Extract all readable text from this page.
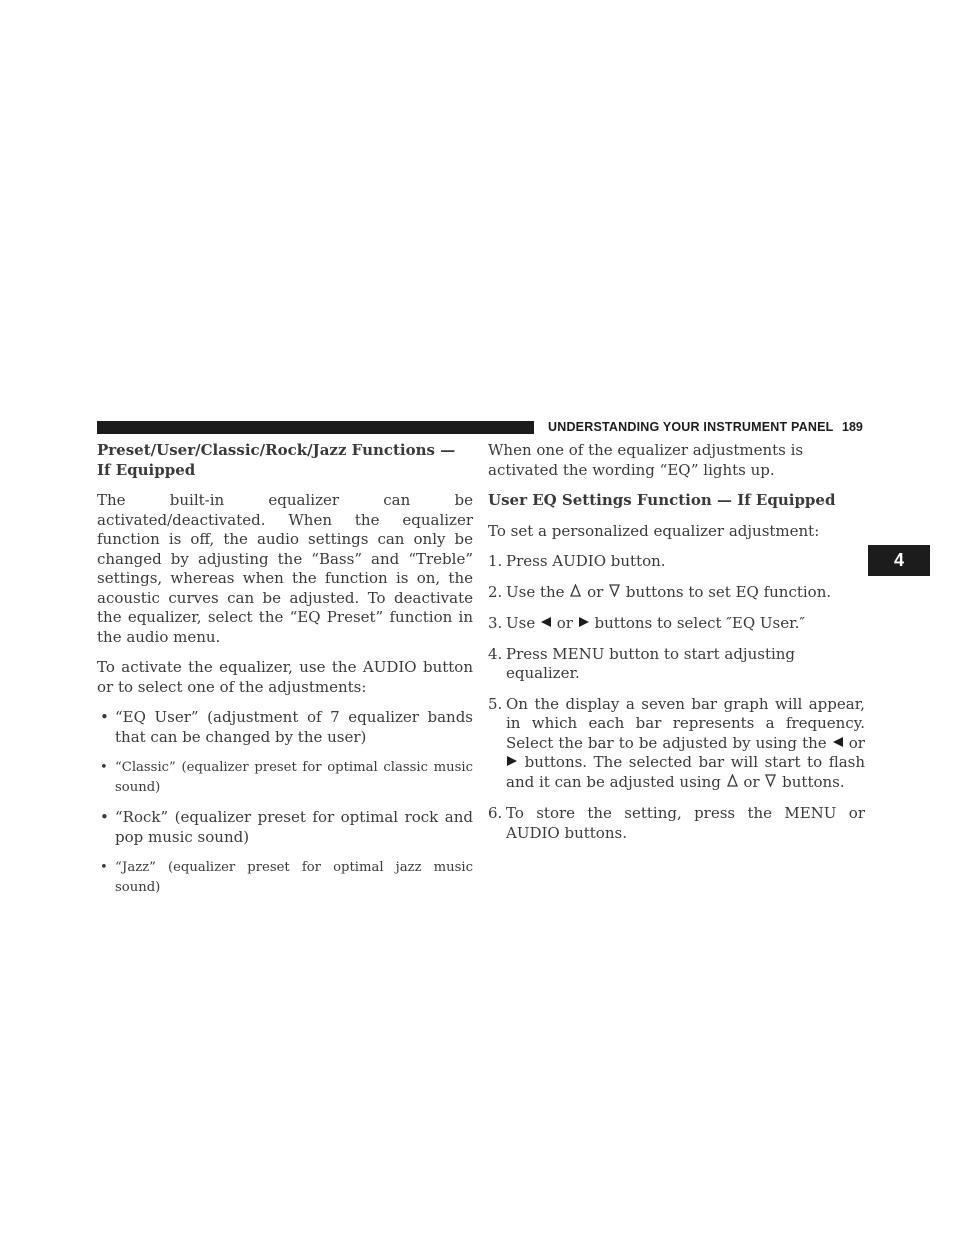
UNDERSTANDING YOUR INSTRUMENT PANEL 189
4
Preset/User/Classic/Rock/Jazz Functions — If Equipped

The built-in equalizer can be activated/deactivated. When the equalizer function is off, the audio settings can only be changed by adjusting the “Bass” and “Treble” settings, whereas when the function is on, the acoustic curves can be adjusted. To deactivate the equalizer, select the “EQ Preset” function in the audio menu.

To activate the equalizer, use the AUDIO button or to select one of the adjustments:

• “EQ User” (adjustment of 7 equalizer bands that can be changed by the user)
• “Classic” (equalizer preset for optimal classic music sound)
• “Rock” (equalizer preset for optimal rock and pop music sound)
• “Jazz” (equalizer preset for optimal jazz music sound)

When one of the equalizer adjustments is activated the wording “EQ” lights up.

User EQ Settings Function — If Equipped

To set a personalized equalizer adjustment:

1. Press AUDIO button.
2. Use the or buttons to set EQ function.
3. Use or buttons to select ″EQ User.″
4. Press MENU button to start adjusting equalizer.
5. On the display a seven bar graph will appear, in which each bar represents a frequency. Select the bar to be adjusted by using the or  buttons. The selected bar will start to flash and it can be adjusted using or buttons.
6. To store the setting, press the MENU or AUDIO buttons.
